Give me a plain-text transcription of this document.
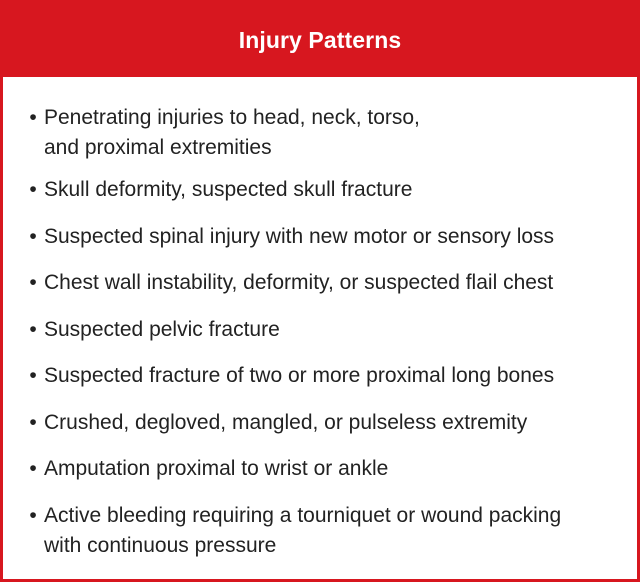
Injury Patterns
• Penetrating injuries to head, neck, torso,
and proximal extremities
• Skull deformity, suspected skull fracture
• Suspected spinal injury with new motor or sensory loss
• Chest wall instability, deformity, or suspected flail chest
• Suspected pelvic fracture
• Suspected fracture of two or more proximal long bones
• Crushed, degloved, mangled, or pulseless extremity
• Amputation proximal to wrist or ankle
• Active bleeding requiring a tourniquet or wound packing
with continuous pressure
